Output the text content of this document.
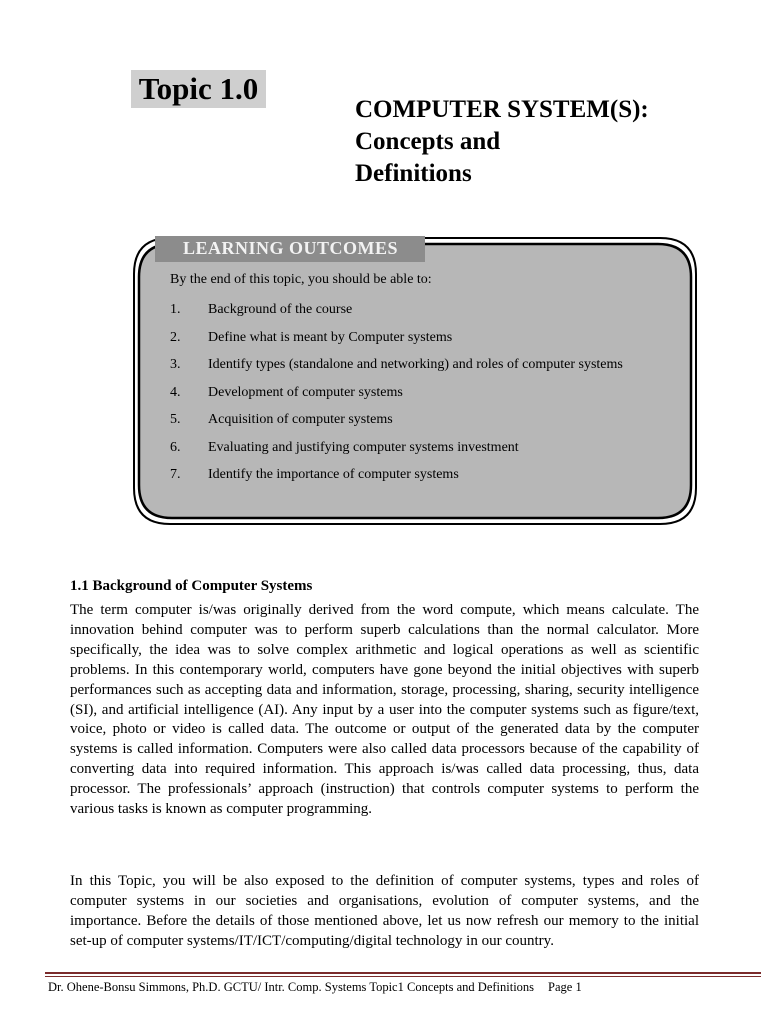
Topic 1.0
COMPUTER SYSTEM(S):
Concepts and
Definitions
LEARNING OUTCOMES
By the end of this topic, you should be able to:
1. Background of the course
2. Define what is meant by Computer systems
3. Identify types (standalone and networking) and roles of computer systems
4. Development of computer systems
5. Acquisition of computer systems
6. Evaluating and justifying computer systems investment
7. Identify the importance of computer systems
1.1 Background of Computer Systems

The term computer is/was originally derived from the word compute, which means calculate. The innovation behind computer was to perform superb calculations than the normal calculator. More specifically, the idea was to solve complex arithmetic and logical operations as well as scientific problems. In this contemporary world, computers have gone beyond the initial objectives with superb performances such as accepting data and information, storage, processing, sharing, security intelligence (SI), and artificial intelligence (AI). Any input by a user into the computer systems such as figure/text, voice, photo or video is called data. The outcome or output of the generated data by the computer systems is called information. Computers were also called data processors because of the capability of converting data into required information. This approach is/was called data processing, thus, data processor. The professionals’ approach (instruction) that controls computer systems to perform the various tasks is known as computer programming.

In this Topic, you will be also exposed to the definition of computer systems, types and roles of computer systems in our societies and organisations, evolution of computer systems, and the importance. Before the details of those mentioned above, let us now refresh our memory to the initial set-up of computer systems/IT/ICT/computing/digital technology in our country.

Dr. Ohene-Bonsu Simmons, Ph.D. GCTU/ Intr. Comp. Systems Topic1 Concepts and Definitions Page 1
